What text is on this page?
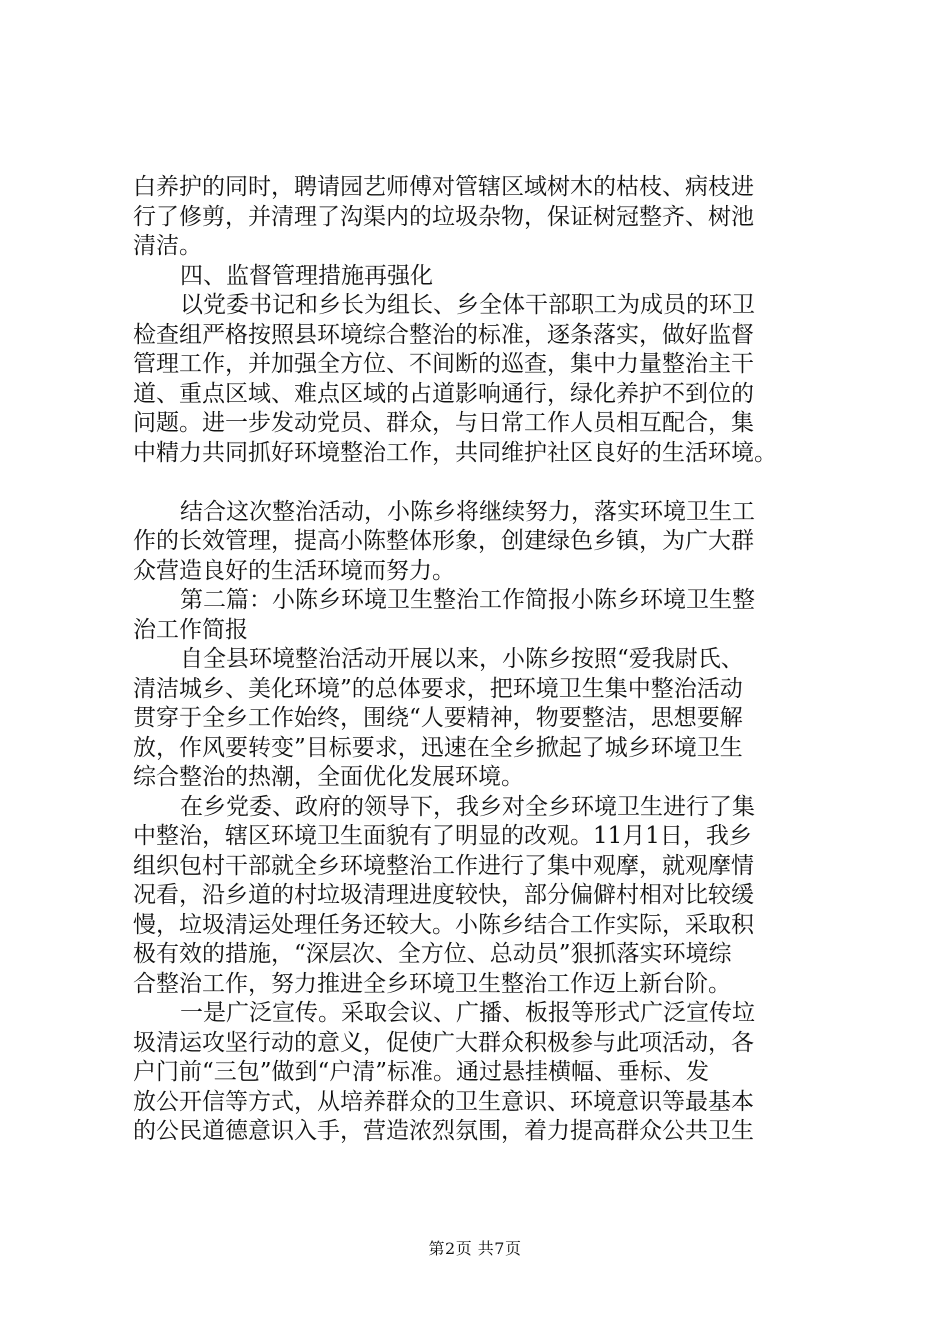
白养护的同时，聘请园艺师傅对管辖区域树木的枯枝、病枝进
行了修剪，并清理了沟渠内的垃圾杂物，保证树冠整齐、树池
清洁。
四、监督管理措施再强化
以党委书记和乡长为组长、乡全体干部职工为成员的环卫
检查组严格按照县环境综合整治的标准，逐条落实，做好监督
管理工作，并加强全方位、不间断的巡查，集中力量整治主干
道、重点区域、难点区域的占道影响通行，绿化养护不到位的
问题。进一步发动党员、群众，与日常工作人员相互配合，集
中精力共同抓好环境整治工作，共同维护社区良好的生活环境。
结合这次整治活动，小陈乡将继续努力，落实环境卫生工
作的长效管理，提高小陈整体形象，创建绿色乡镇，为广大群
众营造良好的生活环境而努力。
第二篇：小陈乡环境卫生整治工作简报小陈乡环境卫生整
治工作简报
自全县环境整治活动开展以来，小陈乡按照“爱我尉氏、
清洁城乡、美化环境”的总体要求，把环境卫生集中整治活动
贯穿于全乡工作始终，围绕“人要精神，物要整洁，思想要解
放，作风要转变”目标要求，迅速在全乡掀起了城乡环境卫生
综合整治的热潮，全面优化发展环境。
在乡党委、政府的领导下，我乡对全乡环境卫生进行了集
中整治，辖区环境卫生面貌有了明显的改观。11月1日，我乡
组织包村干部就全乡环境整治工作进行了集中观摩，就观摩情
况看，沿乡道的村垃圾清理进度较快，部分偏僻村相对比较缓
慢，垃圾清运处理任务还较大。小陈乡结合工作实际，采取积
极有效的措施，“深层次、全方位、总动员”狠抓落实环境综
合整治工作，努力推进全乡环境卫生整治工作迈上新台阶。
一是广泛宣传。采取会议、广播、板报等形式广泛宣传垃
圾清运攻坚行动的意义，促使广大群众积极参与此项活动，各
户门前“三包”做到“户清”标准。通过悬挂横幅、垂标、发
放公开信等方式，从培养群众的卫生意识、环境意识等最基本
的公民道德意识入手，营造浓烈氛围，着力提高群众公共卫生
第2页 共7页
